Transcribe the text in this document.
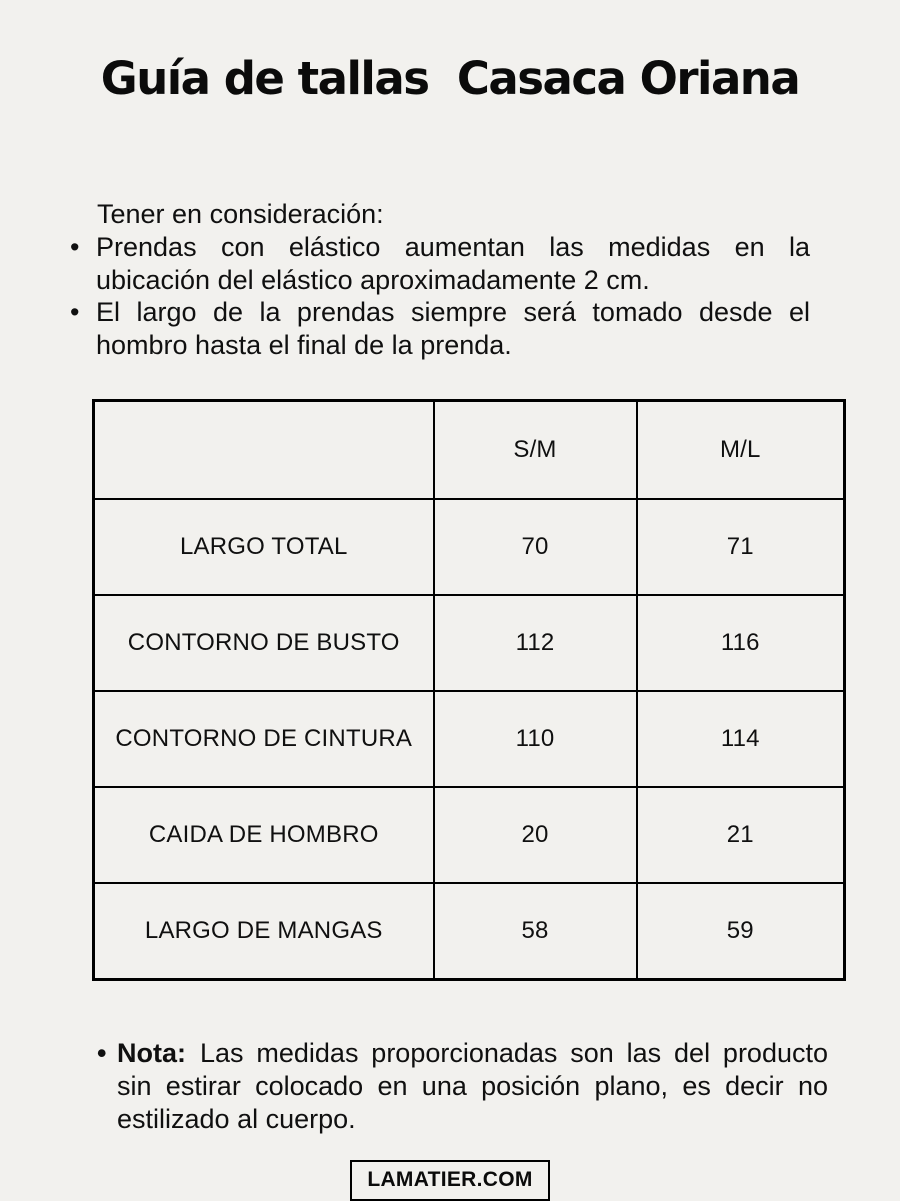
Guía de tallas  Casaca Oriana

Tener en consideración:

• Prendas con elástico aumentan las medidas en la ubicación del elástico aproximadamente 2 cm.
• El largo de la prendas siempre será tomado desde el hombro hasta el final de la prenda.
	S/M	M/L
LARGO TOTAL	70	71
CONTORNO DE BUSTO	112	116
CONTORNO DE CINTURA	110	114
CAIDA DE HOMBRO	20	21
LARGO DE MANGAS	58	59

• Nota: Las medidas proporcionadas son las del producto sin estirar colocado en una posición plano, es decir no estilizado al cuerpo.

LAMATIER.COM
